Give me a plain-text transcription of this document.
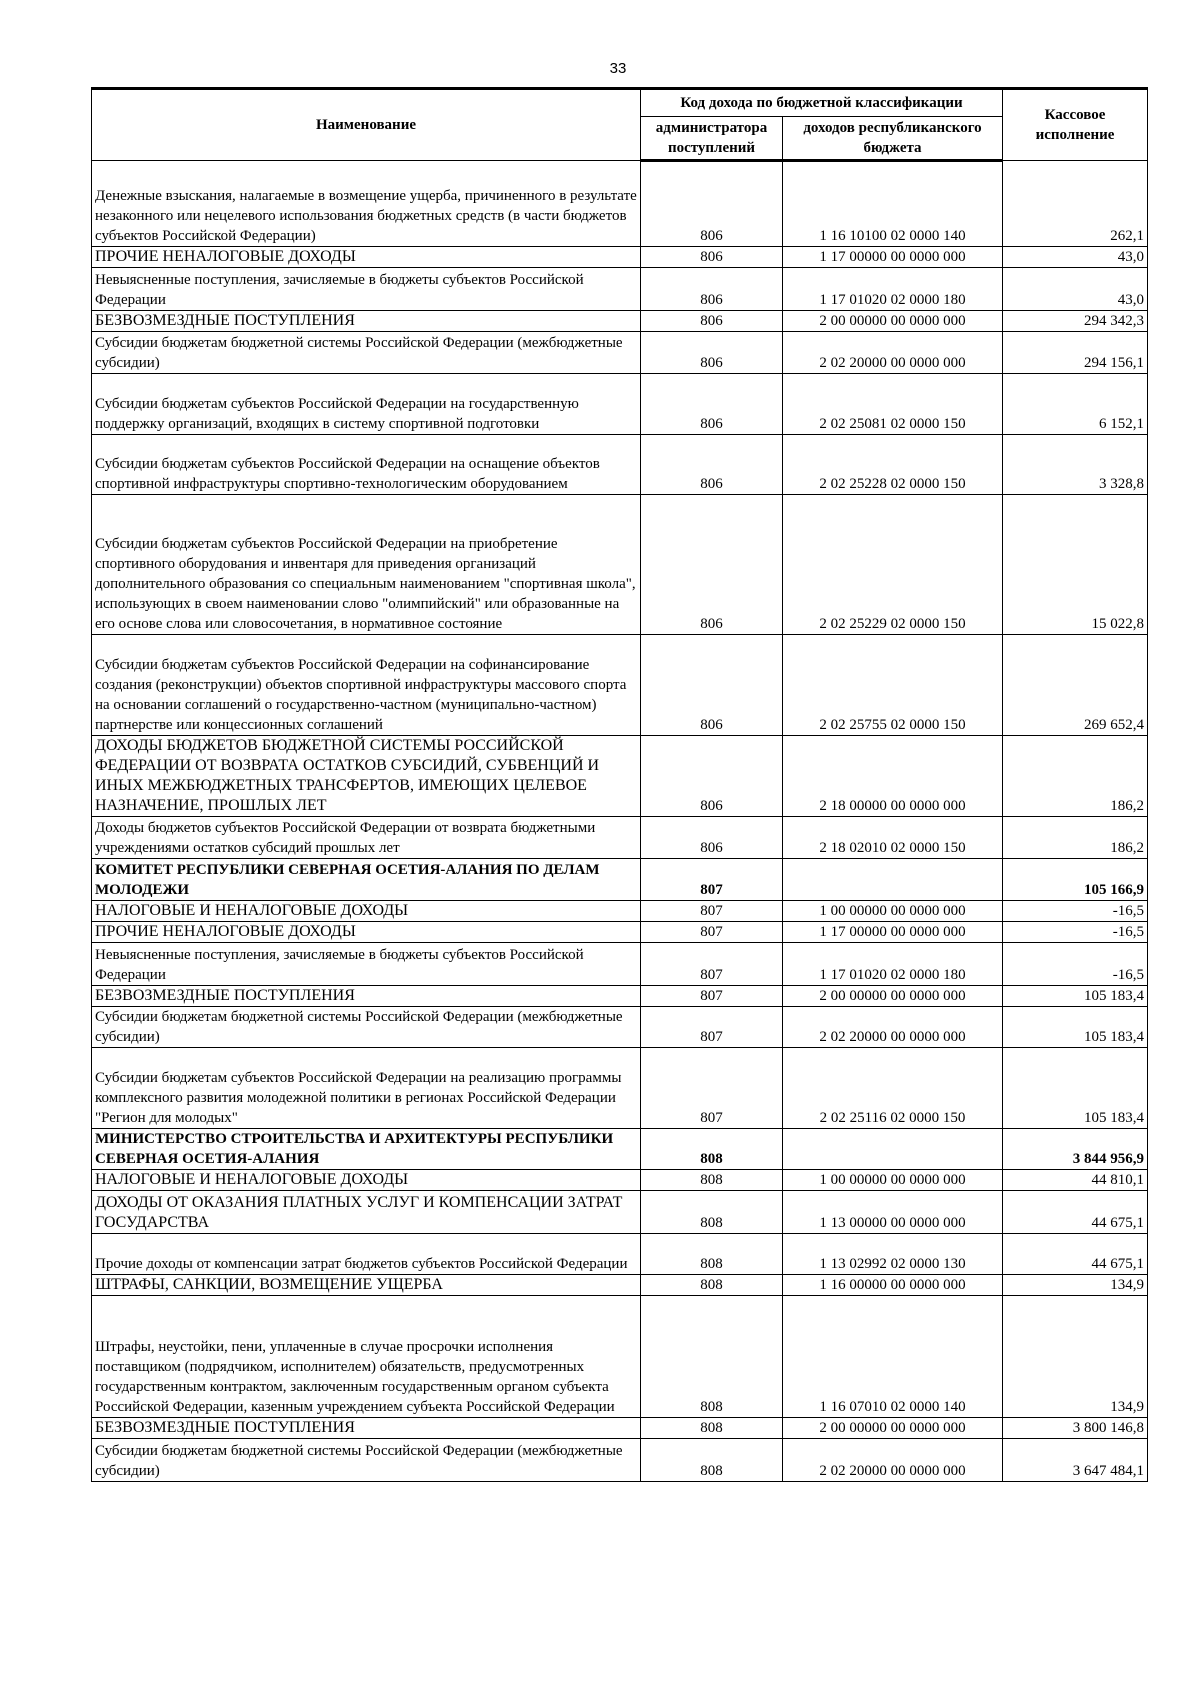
33
Наименование	Код дохода по бюджетной классификации		Кассовое исполнение
	администратора поступлений	доходов республиканского бюджета	
Денежные взыскания, налагаемые в возмещение ущерба, причиненного в результате незаконного или нецелевого использования бюджетных средств (в части бюджетов субъектов Российской Федерации)	806	1 16 10100 02 0000 140	262,1
ПРОЧИЕ НЕНАЛОГОВЫЕ ДОХОДЫ	806	1 17 00000 00 0000 000	43,0
Невыясненные поступления, зачисляемые в бюджеты субъектов Российской Федерации	806	1 17 01020 02 0000 180	43,0
БЕЗВОЗМЕЗДНЫЕ ПОСТУПЛЕНИЯ	806	2 00 00000 00 0000 000	294 342,3
Субсидии бюджетам бюджетной системы Российской Федерации (межбюджетные субсидии)	806	2 02 20000 00 0000 000	294 156,1
Субсидии бюджетам субъектов Российской Федерации на государственную поддержку организаций, входящих в систему спортивной подготовки	806	2 02 25081 02 0000 150	6 152,1
Субсидии бюджетам субъектов Российской Федерации на оснащение объектов спортивной инфраструктуры спортивно-технологическим оборудованием	806	2 02 25228 02 0000 150	3 328,8
Субсидии бюджетам субъектов Российской Федерации на приобретение спортивного оборудования и инвентаря для приведения организаций дополнительного образования со специальным наименованием "спортивная школа", использующих в своем наименовании слово "олимпийский" или образованные на его основе слова или словосочетания, в нормативное состояние	806	2 02 25229 02 0000 150	15 022,8
Субсидии бюджетам субъектов Российской Федерации на софинансирование создания (реконструкции) объектов спортивной инфраструктуры массового спорта на основании соглашений о государственно-частном (муниципально-частном) партнерстве или концессионных соглашений	806	2 02 25755 02 0000 150	269 652,4
ДОХОДЫ БЮДЖЕТОВ БЮДЖЕТНОЙ СИСТЕМЫ РОССИЙСКОЙ ФЕДЕРАЦИИ ОТ ВОЗВРАТА ОСТАТКОВ СУБСИДИЙ, СУБВЕНЦИЙ И ИНЫХ МЕЖБЮДЖЕТНЫХ ТРАНСФЕРТОВ, ИМЕЮЩИХ ЦЕЛЕВОЕ НАЗНАЧЕНИЕ, ПРОШЛЫХ ЛЕТ	806	2 18 00000 00 0000 000	186,2
Доходы бюджетов субъектов Российской Федерации от возврата бюджетными учреждениями остатков субсидий прошлых лет	806	2 18 02010 02 0000 150	186,2
КОМИТЕТ РЕСПУБЛИКИ СЕВЕРНАЯ ОСЕТИЯ-АЛАНИЯ ПО ДЕЛАМ МОЛОДЕЖИ	807		105 166,9
НАЛОГОВЫЕ И НЕНАЛОГОВЫЕ ДОХОДЫ	807	1 00 00000 00 0000 000	-16,5
ПРОЧИЕ НЕНАЛОГОВЫЕ ДОХОДЫ	807	1 17 00000 00 0000 000	-16,5
Невыясненные поступления, зачисляемые в бюджеты субъектов Российской Федерации	807	1 17 01020 02 0000 180	-16,5
БЕЗВОЗМЕЗДНЫЕ ПОСТУПЛЕНИЯ	807	2 00 00000 00 0000 000	105 183,4
Субсидии бюджетам бюджетной системы Российской Федерации (межбюджетные субсидии)	807	2 02 20000 00 0000 000	105 183,4
Субсидии бюджетам субъектов Российской Федерации на реализацию программы комплексного развития молодежной политики в регионах Российской Федерации "Регион для молодых"	807	2 02 25116 02 0000 150	105 183,4
МИНИСТЕРСТВО СТРОИТЕЛЬСТВА И АРХИТЕКТУРЫ РЕСПУБЛИКИ СЕВЕРНАЯ ОСЕТИЯ-АЛАНИЯ	808		3 844 956,9
НАЛОГОВЫЕ И НЕНАЛОГОВЫЕ ДОХОДЫ	808	1 00 00000 00 0000 000	44 810,1
ДОХОДЫ ОТ ОКАЗАНИЯ ПЛАТНЫХ УСЛУГ И КОМПЕНСАЦИИ ЗАТРАТ ГОСУДАРСТВА	808	1 13 00000 00 0000 000	44 675,1
Прочие доходы от компенсации затрат бюджетов субъектов Российской Федерации	808	1 13 02992 02 0000 130	44 675,1
ШТРАФЫ, САНКЦИИ, ВОЗМЕЩЕНИЕ УЩЕРБА	808	1 16 00000 00 0000 000	134,9
Штрафы, неустойки, пени, уплаченные в случае просрочки исполнения поставщиком (подрядчиком, исполнителем) обязательств, предусмотренных государственным контрактом, заключенным государственным органом субъекта Российской Федерации, казенным учреждением субъекта Российской Федерации	808	1 16 07010 02 0000 140	134,9
БЕЗВОЗМЕЗДНЫЕ ПОСТУПЛЕНИЯ	808	2 00 00000 00 0000 000	3 800 146,8
Субсидии бюджетам бюджетной системы Российской Федерации (межбюджетные субсидии)	808	2 02 20000 00 0000 000	3 647 484,1
